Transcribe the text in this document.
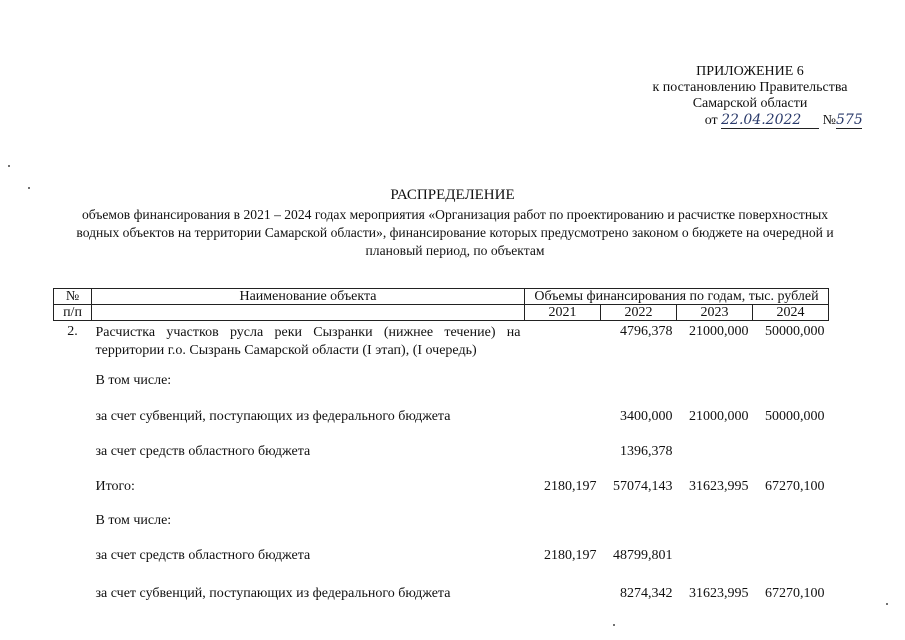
ПРИЛОЖЕНИЕ 6
к постановлению Правительства
Самарской области
от 22.04.2022 №575
РАСПРЕДЕЛЕНИЕ
объемов финансирования в 2021 – 2024 годах мероприятия «Организация работ по проектированию и расчистке поверхностных водных объектов на территории Самарской области», финансирование которых предусмотрено законом о бюджете на очередной и плановый период, по объектам
№	Наименование объекта	Объемы финансирования по годам, тыс. рублей			
п/п		2021	2022	2023	2024
2.	Расчистка участков русла реки Сызранки (нижнее течение) на территории г.о. Сызрань Самарской области (I этап), (I очередь)		4796,378	21000,000	50000,000
	В том числе:				
	за счет субвенций, поступающих из федерального бюджета		3400,000	21000,000	50000,000
	за счет средств областного бюджета		1396,378		
	Итого:	2180,197	57074,143	31623,995	67270,100
	В том числе:				
	за счет средств областного бюджета	2180,197	48799,801		
	за счет субвенций, поступающих из федерального бюджета		8274,342	31623,995	67270,100
